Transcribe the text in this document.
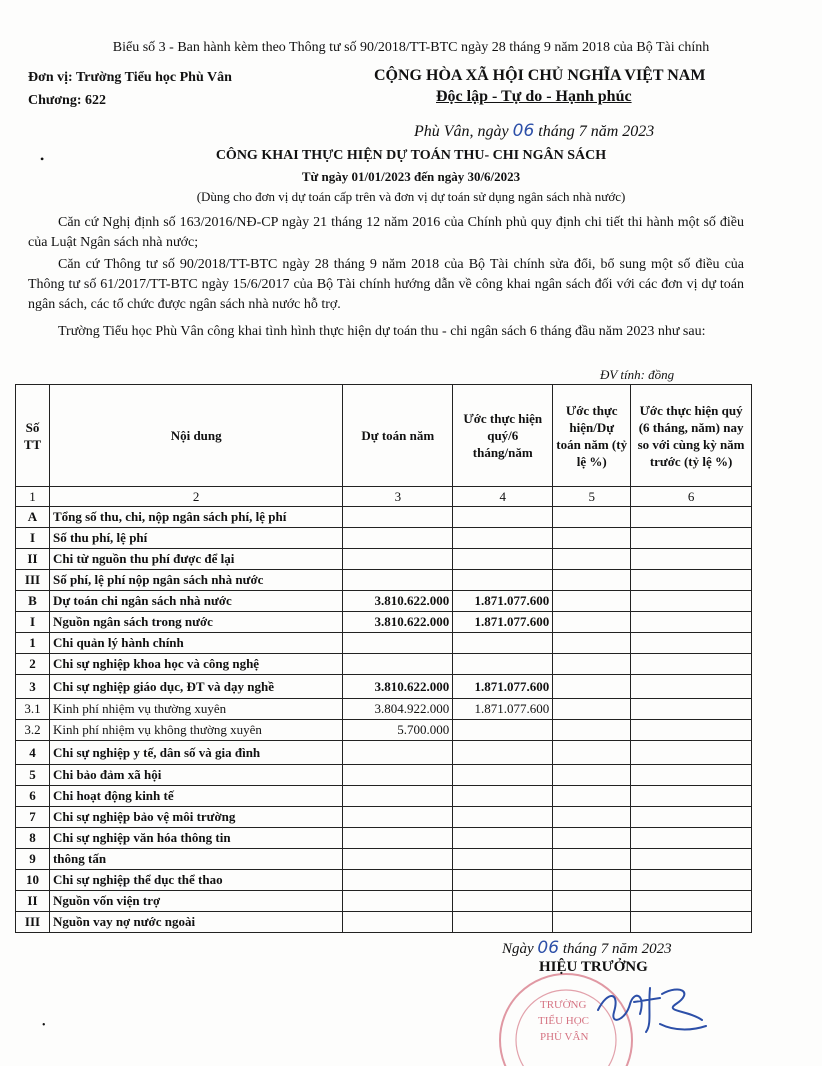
Biểu số 3 - Ban hành kèm theo Thông tư số 90/2018/TT-BTC ngày 28 tháng 9 năm 2018 của Bộ Tài chính
Đơn vị: Trường Tiểu học Phù Vân
Chương: 622
CỘNG HÒA XÃ HỘI CHỦ NGHĨA VIỆT NAM
Độc lập - Tự do - Hạnh phúc
Phù Vân, ngày 06 tháng 7 năm 2023
•	CÔNG KHAI THỰC HIỆN DỰ TOÁN THU- CHI NGÂN SÁCH
Từ ngày 01/01/2023 đến ngày 30/6/2023
(Dùng cho đơn vị dự toán cấp trên và đơn vị dự toán sử dụng ngân sách nhà nước)
Căn cứ Nghị định số 163/2016/NĐ-CP ngày 21 tháng 12 năm 2016 của Chính phủ quy định chi tiết thi hành một số điều của Luật Ngân sách nhà nước;
Căn cứ Thông tư số 90/2018/TT-BTC ngày 28 tháng 9 năm 2018 của Bộ Tài chính sửa đổi, bổ sung một số điều của Thông tư số 61/2017/TT-BTC ngày 15/6/2017 của Bộ Tài chính hướng dẫn về công khai ngân sách đối với các đơn vị dự toán ngân sách, các tổ chức được ngân sách nhà nước hỗ trợ.
Trường Tiểu học Phù Vân công khai tình hình thực hiện dự toán thu - chi ngân sách 6 tháng đầu năm 2023 như sau:
ĐV tính: đồng
Số TT	Nội dung	Dự toán năm	Ước thực hiện quý/6 tháng/năm	Ước thực hiện/Dự toán năm (tỷ lệ %)	Ước thực hiện quý (6 tháng, năm) nay so với cùng kỳ năm trước (tỷ lệ %)
1	2	3	4	5	6
A	Tổng số thu, chi, nộp ngân sách phí, lệ phí				
I	Số thu phí, lệ phí				
II	Chi từ nguồn thu phí được để lại				
III	Số phí, lệ phí nộp ngân sách nhà nước				
B	Dự toán chi ngân sách nhà nước	3.810.622.000	1.871.077.600		
I	Nguồn ngân sách trong nước	3.810.622.000	1.871.077.600		
1	Chi quản lý hành chính				
2	Chi sự nghiệp khoa học và công nghệ				
3	Chi sự nghiệp giáo dục, ĐT và dạy nghề	3.810.622.000	1.871.077.600		
3.1	Kinh phí nhiệm vụ thường xuyên	3.804.922.000	1.871.077.600		
3.2	Kinh phí nhiệm vụ không thường xuyên	5.700.000			
4	Chi sự nghiệp y tế, dân số và gia đình				
5	Chi bảo đảm xã hội				
6	Chi hoạt động kinh tế				
7	Chi sự nghiệp bảo vệ môi trường				
8	Chi sự nghiệp văn hóa thông tin				
9	thông tấn				
10	Chi sự nghiệp thể dục thể thao				
II	Nguồn vốn viện trợ				
III	Nguồn vay nợ nước ngoài				
Ngày 06 tháng 7 năm 2023
TRƯỜNG
TIỂU HỌC
PHÙ VÂN
HIỆU TRƯỞNG
•
